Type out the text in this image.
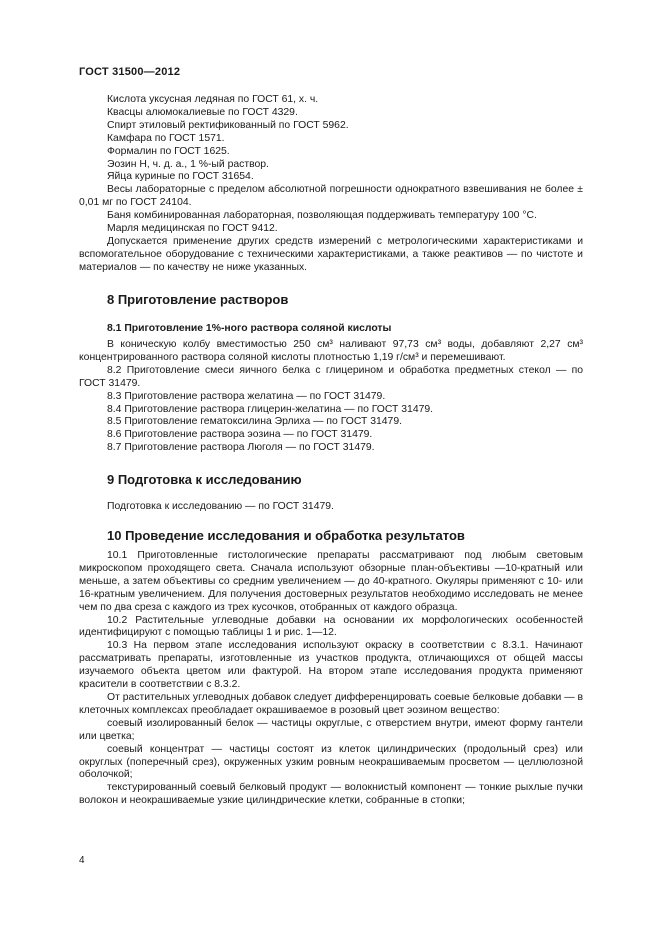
ГОСТ 31500—2012

Кислота уксусная ледяная по ГОСТ 61, х. ч.

Квасцы алюмокалиевые по ГОСТ 4329.

Спирт этиловый ректификованный по ГОСТ 5962.

Камфара по ГОСТ 1571.

Формалин по ГОСТ 1625.

Эозин Н, ч. д. а., 1 %-ый раствор.

Яйца куриные по ГОСТ 31654.

Весы лабораторные с пределом абсолютной погрешности однократного взвешивания не более ± 0,01 мг по ГОСТ 24104.

Баня комбинированная лабораторная, позволяющая поддерживать температуру 100 °С.

Марля медицинская по ГОСТ 9412.

Допускается применение других средств измерений с метрологическими характеристиками и вспомогательное оборудование с техническими характеристиками, а также реактивов — по чистоте и материалов — по качеству не ниже указанных.

8 Приготовление растворов
8.1 Приготовление 1%-ного раствора соляной кислоты

В коническую колбу вместимостью 250 см³ наливают 97,73 см³ воды, добавляют 2,27 см³ концентрированного раствора соляной кислоты плотностью 1,19 г/см³ и перемешивают.

8.2 Приготовление смеси яичного белка с глицерином и обработка предметных стекол — по ГОСТ 31479.

8.3 Приготовление раствора желатина — по ГОСТ 31479.

8.4 Приготовление раствора глицерин-желатина — по ГОСТ 31479.

8.5 Приготовление гематоксилина Эрлиха — по ГОСТ 31479.

8.6 Приготовление раствора эозина — по ГОСТ 31479.

8.7 Приготовление раствора Люголя — по ГОСТ 31479.

9 Подготовка к исследованию

Подготовка к исследованию — по ГОСТ 31479.

10 Проведение исследования и обработка результатов

10.1 Приготовленные гистологические препараты рассматривают под любым световым микроскопом проходящего света. Сначала используют обзорные план-объективы —10-кратный или меньше, а затем объективы со средним увеличением — до 40-кратного. Окуляры применяют с 10- или 16-кратным увеличением. Для получения достоверных результатов необходимо исследовать не менее чем по два среза с каждого из трех кусочков, отобранных от каждого образца.

10.2 Растительные углеводные добавки на основании их морфологических особенностей идентифицируют с помощью таблицы 1 и рис. 1—12.

10.3 На первом этапе исследования используют окраску в соответствии с 8.3.1. Начинают рассматривать препараты, изготовленные из участков продукта, отличающихся от общей массы изучаемого объекта цветом или фактурой. На втором этапе исследования продукта применяют красители в соответствии с 8.3.2.

От растительных углеводных добавок следует дифференцировать соевые белковые добавки — в клеточных комплексах преобладает окрашиваемое в розовый цвет эозином вещество:

соевый изолированный белок — частицы округлые, с отверстием внутри, имеют форму гантели или цветка;

соевый концентрат — частицы состоят из клеток цилиндрических (продольный срез) или округлых (поперечный срез), окруженных узким ровным неокрашиваемым просветом — целлюлозной оболочкой;

текстурированный соевый белковый продукт — волокнистый компонент — тонкие рыхлые пучки волокон и неокрашиваемые узкие цилиндрические клетки, собранные в стопки;

4
